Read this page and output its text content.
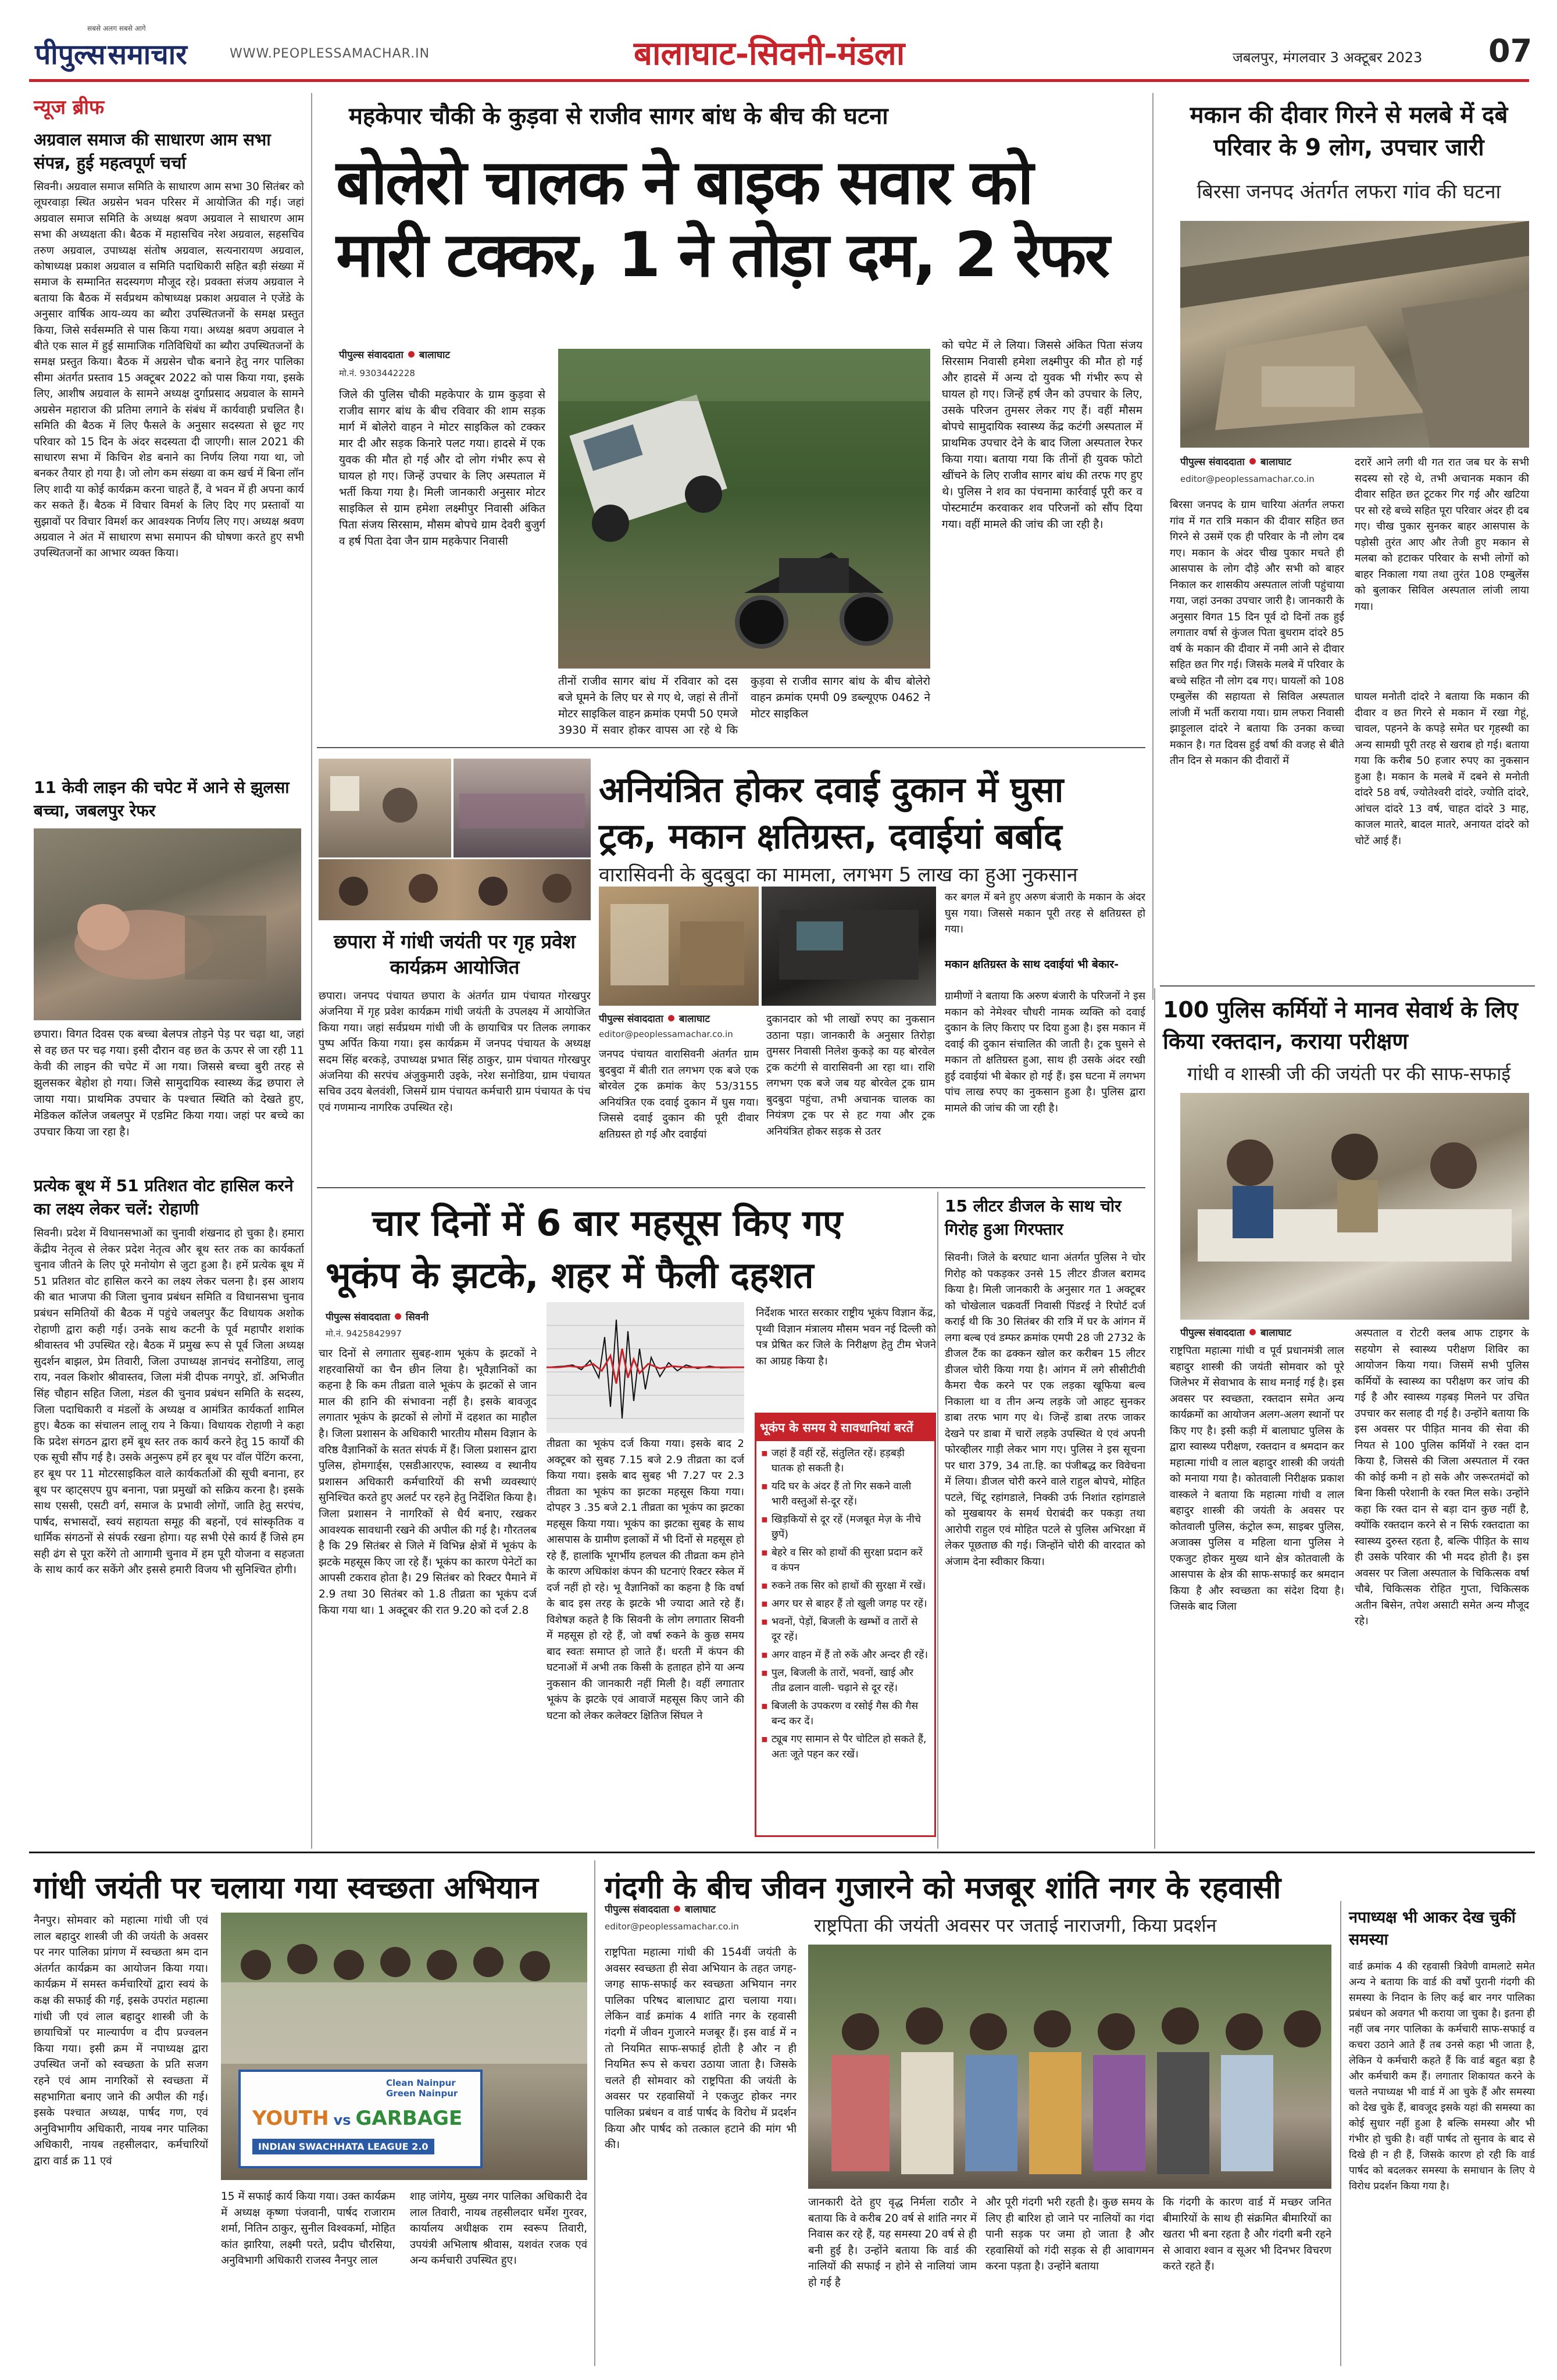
पीपुल्स समाचार
सबसे अलग सबसे आगे
WWW.PEOPLESSAMACHAR.IN	बालाघाट-सिवनी-मंडला	जबलपुर, मंगलवार 3 अक्टूबर 2023 07
न्यूज ब्रीफ
अग्रवाल समाज की साधारण आम सभा संपन्न, हुई महत्वपूर्ण चर्चा
सिवनी। अग्रवाल समाज समिति के साधारण आम सभा 30 सितंबर को लूघरवाड़ा स्थित अग्रसेन भवन परिसर में आयोजित की गई। जहां अग्रवाल समाज समिति के अध्यक्ष श्रवण अग्रवाल ने साधारण आम सभा की अध्यक्षता की। बैठक में महासचिव नरेश अग्रवाल, सहसचिव तरुण अग्रवाल, उपाध्यक्ष संतोष अग्रवाल, सत्यनारायण अग्रवाल, कोषाध्यक्ष प्रकाश अग्रवाल व समिति पदाधिकारी सहित बड़ी संख्या में समाज के सम्मानित सदस्यगण मौजूद रहे। प्रवक्ता संजय अग्रवाल ने बताया कि बैठक में सर्वप्रथम कोषाध्यक्ष प्रकाश अग्रवाल ने एजेंडे के अनुसार वार्षिक आय-व्यय का ब्यौरा उपस्थितजनों के समक्ष प्रस्तुत किया, जिसे सर्वसम्मति से पास किया गया। अध्यक्ष श्रवण अग्रवाल ने बीते एक साल में हुई सामाजिक गतिविधियों का ब्यौरा उपस्थितजनों के समक्ष प्रस्तुत किया। बैठक में अग्रसेन चौक बनाने हेतु नगर पालिका सीमा अंतर्गत प्रस्ताव 15 अक्टूबर 2022 को पास किया गया, इसके लिए, आशीष अग्रवाल के सामने अध्यक्ष दुर्गाप्रसाद अग्रवाल के सामने अग्रसेन महाराज की प्रतिमा लगाने के संबंध में कार्यवाही प्रचलित है। समिति की बैठक में लिए फैसले के अनुसार सदस्यता से छूट गए परिवार को 15 दिन के अंदर सदस्यता दी जाएगी। साल 2021 की साधारण सभा में किचिन शेड बनाने का निर्णय लिया गया था, जो बनकर तैयार हो गया है। जो लोग कम संख्या वा कम खर्च में बिना लॉन लिए शादी या कोई कार्यक्रम करना चाहते हैं, वे भवन में ही अपना कार्य कर सकते हैं। बैठक में विचार विमर्श के लिए दिए गए प्रस्तावों या सुझावों पर विचार विमर्श कर आवश्यक निर्णय लिए गए। अध्यक्ष श्रवण अग्रवाल ने अंत में साधारण सभा समापन की घोषणा करते हुए सभी उपस्थितजनों का आभार व्यक्त किया।
11 केवी लाइन की चपेट में आने से झुलसा बच्चा, जबलपुर रेफर
छपारा। विगत दिवस एक बच्चा बेलपत्र तोड़ने पेड़ पर चढ़ा था, जहां से वह छत पर चढ़ गया। इसी दौरान वह छत के ऊपर से जा रही 11 केवी की लाइन की चपेट में आ गया। जिससे बच्चा बुरी तरह से झुलसकर बेहोश हो गया। जिसे सामुदायिक स्वास्थ्य केंद्र छपारा ले जाया गया। प्राथमिक उपचार के पश्चात स्थिति को देखते हुए, मेडिकल कॉलेज जबलपुर में एडमिट किया गया। जहां पर बच्चे का उपचार किया जा रहा है।
प्रत्येक बूथ में 51 प्रतिशत वोट हासिल करने का लक्ष्य लेकर चलें: रोहाणी
सिवनी। प्रदेश में विधानसभाओं का चुनावी शंखनाद हो चुका है। हमारा केंद्रीय नेतृत्व से लेकर प्रदेश नेतृत्व और बूथ स्तर तक का कार्यकर्ता चुनाव जीतने के लिए पूरे मनोयोग से जुटा हुआ है। हमें प्रत्येक बूथ में 51 प्रतिशत वोट हासिल करने का लक्ष्य लेकर चलना है। इस आशय की बात भाजपा की जिला चुनाव प्रबंधन समिति व विधानसभा चुनाव प्रबंधन समितियों की बैठक में पहुंचे जबलपुर कैंट विधायक अशोक रोहाणी द्वारा कही गई। उनके साथ कटनी के पूर्व महापौर शशांक श्रीवास्तव भी उपस्थित रहे। बैठक में प्रमुख रूप से पूर्व जिला अध्यक्ष सुदर्शन बाझल, प्रेम तिवारी, जिला उपाध्यक्ष ज्ञानचंद सनोडिया, लालू राय, नवल किशोर श्रीवास्तव, जिला मंत्री दीपक नगपुरे, डॉ. अभिजीत सिंह चौहान सहित जिला, मंडल की चुनाव प्रबंधन समिति के सदस्य, जिला पदाधिकारी व मंडलों के अध्यक्ष व आमंत्रित कार्यकर्ता शामिल हुए। बैठक का संचालन लालू राय ने किया। विधायक रोहाणी ने कहा कि प्रदेश संगठन द्वारा हमें बूथ स्तर तक कार्य करने हेतु 15 कार्यों की एक सूची सौंप गई है। उसके अनुरूप हमें हर बूथ पर वॉल पेंटिंग करना, हर बूथ पर 11 मोटरसाइकिल वाले कार्यकर्ताओं की सूची बनाना, हर बूथ पर व्हाट्सएप ग्रुप बनाना, पन्ना प्रमुखों को सक्रिय करना है। इसके साथ एससी, एसटी वर्ग, समाज के प्रभावी लोगों, जाति हेतु सरपंच, पार्षद, सभासदों, स्वयं सहायता समूह की बहनों, एवं सांस्कृतिक व धार्मिक संगठनों से संपर्क रखना होगा। यह सभी ऐसे कार्य हैं जिसे हम सही ढंग से पूरा करेंगे तो आगामी चुनाव में हम पूरी योजना व सहजता के साथ कार्य कर सकेंगे और इससे हमारी विजय भी सुनिश्चित होगी।
महकेपार चौकी के कुड़वा से राजीव सागर बांध के बीच की घटना
बोलेरो चालक ने बाइक सवार को
मारी टक्कर, 1 ने तोड़ा दम, 2 रेफर
पीपुल्स संवाददाता बालाघाट
मो.नं. 9303442228
जिले की पुलिस चौकी महकेपार के ग्राम कुड़वा से राजीव सागर बांध के बीच रविवार की शाम सड़क मार्ग में बोलेरो वाहन ने मोटर साइकिल को टक्कर मार दी और सड़क किनारे पलट गया। हादसे में एक युवक की मौत हो गई और दो लोग गंभीर रूप से घायल हो गए। जिन्हें उपचार के लिए अस्पताल में भर्ती किया गया है। मिली जानकारी अनुसार मोटर साइकिल से ग्राम हमेशा लक्ष्मीपुर निवासी अंकित पिता संजय सिरसाम, मौसम बोपचे ग्राम देवरी बुजुर्ग व हर्ष पिता देवा जैन ग्राम महकेपार निवासी
तीनों राजीव सागर बांध में रविवार को दस बजे घूमने के लिए घर से गए थे, जहां से तीनों मोटर साइकिल वाहन क्रमांक एमपी 50 एमजे 3930 में सवार होकर वापस आ रहे थे कि कुड़वा से राजीव सागर बांध के बीच बोलेरो वाहन क्रमांक एमपी 09 डब्ल्यूएफ 0462 ने मोटर साइकिल
को चपेट में ले लिया। जिससे अंकित पिता संजय सिरसाम निवासी हमेशा लक्ष्मीपुर की मौत हो गई और हादसे में अन्य दो युवक भी गंभीर रूप से घायल हो गए। जिन्हें हर्ष जैन को उपचार के लिए, उसके परिजन तुमसर लेकर गए हैं। वहीं मौसम बोपचे सामुदायिक स्वास्थ्य केंद्र कटंगी अस्पताल में प्राथमिक उपचार देने के बाद जिला अस्पताल रेफर किया गया। बताया गया कि तीनों ही युवक फोटो खींचने के लिए राजीव सागर बांध की तरफ गए हुए थे। पुलिस ने शव का पंचनामा कार्रवाई पूरी कर व पोस्टमार्टम करवाकर शव परिजनों को सौंप दिया गया। वहीं मामले की जांच की जा रही है।
मकान की दीवार गिरने से मलबे में दबे परिवार के 9 लोग, उपचार जारी
बिरसा जनपद अंतर्गत लफरा गांव की घटना
पीपुल्स संवाददाता बालाघाट
editor@peoplessamachar.co.in
बिरसा जनपद के ग्राम चारिया अंतर्गत लफरा गांव में गत रात्रि मकान की दीवार सहित छत गिरने से उसमें एक ही परिवार के नौ लोग दब गए। मकान के अंदर चीख पुकार मचते ही आसपास के लोग दौड़े और सभी को बाहर निकाल कर शासकीय अस्पताल लांजी पहुंचाया गया, जहां उनका उपचार जारी है। जानकारी के अनुसार विगत 15 दिन पूर्व दो दिनों तक हुई लगातार वर्षा से कुंजल पिता बुधराम दांदरे 85 वर्ष के मकान की दीवार में नमी आने से दीवार सहित छत गिर गई। जिसके मलबे में परिवार के बच्चे सहित नौ लोग दब गए। घायलों को 108 एम्बुलेंस की सहायता से सिविल अस्पताल लांजी में भर्ती कराया गया। ग्राम लफरा निवासी झाड़ूलाल दांदरे ने बताया कि उनका कच्चा मकान है। गत दिवस हुई वर्षा की वजह से बीते तीन दिन से मकान की दीवारों में
दरारें आने लगी थी गत रात जब घर के सभी सदस्य सो रहे थे, तभी अचानक मकान की दीवार सहित छत टूटकर गिर गई और खटिया पर सो रहे बच्चे सहित पूरा परिवार अंदर ही दब गए। चीख पुकार सुनकर बाहर आसपास के पड़ोसी तुरंत आए और तेजी हुए मकान से मलबा को हटाकर परिवार के सभी लोगों को बाहर निकाला गया तथा तुरंत 108 एम्बुलेंस को बुलाकर सिविल अस्पताल लांजी लाया गया।
घायल मनोती दांदरे ने बताया कि मकान की दीवार व छत गिरने से मकान में रखा गेहूं, चावल, पहनने के कपड़े समेत घर गृहस्थी का अन्य सामग्री पूरी तरह से खराब हो गई। बताया गया कि करीब 50 हजार रुपए का नुकसान हुआ है। मकान के मलबे में दबने से मनोती दांदरे 58 वर्ष, ज्योतेश्वरी दांदरे, ज्योति दांदरे, आंचल दांदरे 13 वर्ष, चाहत दांदरे 3 माह, काजल मातरे, बादल मातरे, अनायत दांदरे को चोटें आई हैं।
छपारा में गांधी जयंती पर गृह प्रवेश कार्यक्रम आयोजित
छपारा। जनपद पंचायत छपारा के अंतर्गत ग्राम पंचायत गोरखपुर अंजनिया में गृह प्रवेश कार्यक्रम गांधी जयंती के उपलक्ष्य में आयोजित किया गया। जहां सर्वप्रथम गांधी जी के छायाचित्र पर तिलक लगाकर पुष्प अर्पित किया गया। इस कार्यक्रम में जनपद पंचायत के अध्यक्ष सदम सिंह बरकड़े, उपाध्यक्ष प्रभात सिंह ठाकुर, ग्राम पंचायत गोरखपुर अंजनिया की सरपंच अंजुकुमारी उइके, नरेश सनोडिया, ग्राम पंचायत सचिव उदय बेलवंशी, जिसमें ग्राम पंचायत कर्मचारी ग्राम पंचायत के पंच एवं गणमान्य नागरिक उपस्थित रहे।
अनियंत्रित होकर दवाई दुकान में घुसा
ट्रक, मकान क्षतिग्रस्त, दवाईयां बर्बाद
वारासिवनी के बुदबुदा का मामला, लगभग 5 लाख का हुआ नुकसान
पीपुल्स संवाददाता बालाघाट
editor@peoplessamachar.co.in
जनपद पंचायत वारासिवनी अंतर्गत ग्राम बुदबुदा में बीती रात लगभग एक बजे एक बोरवेल ट्रक क्रमांक केए 53/3155 अनियंत्रित एक दवाई दुकान में घुस गया। जिससे दवाई दुकान की पूरी दीवार क्षतिग्रस्त हो गई और दवाईयां
दुकानदार को भी लाखों रुपए का नुकसान उठाना पड़ा। जानकारी के अनुसार तिरोड़ा तुमसर निवासी निलेश कुकड़े का यह बोरवेल ट्रक कटंगी से वारासिवनी आ रहा था। राशि लगभग एक बजे जब यह बोरवेल ट्रक ग्राम बुदबुदा पहुंचा, तभी अचानक चालक का नियंत्रण ट्रक पर से हट गया और ट्रक अनियंत्रित होकर सड़क से उतर
कर बगल में बने हुए अरुण बंजारी के मकान के अंदर घुस गया। जिससे मकान पूरी तरह से क्षतिग्रस्त हो गया।
मकान क्षतिग्रस्त के साथ दवाईयां भी बेकार-
ग्रामीणों ने बताया कि अरुण बंजारी के परिजनों ने इस मकान को नेमेश्वर चौधरी नामक व्यक्ति को दवाई दुकान के लिए किराए पर दिया हुआ है। इस मकान में दवाई की दुकान संचालित की जाती है। ट्रक घुसने से मकान तो क्षतिग्रस्त हुआ, साथ ही उसके अंदर रखी हुई दवाईयां भी बेकार हो गई हैं। इस घटना में लगभग पांच लाख रुपए का नुकसान हुआ है। पुलिस द्वारा मामले की जांच की जा रही है।
100 पुलिस कर्मियों ने मानव सेवार्थ के लिए किया रक्तदान, कराया परीक्षण
गांधी व शास्त्री जी की जयंती पर की साफ-सफाई
पीपुल्स संवाददाता बालाघाट
राष्ट्रपिता महात्मा गांधी व पूर्व प्रधानमंत्री लाल बहादुर शास्त्री की जयंती सोमवार को पूरे जिलेभर में सेवाभाव के साथ मनाई गई है। इस अवसर पर स्वच्छता, रक्तदान समेत अन्य कार्यक्रमों का आयोजन अलग-अलग स्थानों पर किए गए है। इसी कड़ी में बालाघाट पुलिस के द्वारा स्वास्थ्य परीक्षण, रक्तदान व श्रमदान कर महात्मा गांधी व लाल बहादुर शास्त्री की जयंती को मनाया गया है। कोतवाली निरीक्षक प्रकाश वास्कले ने बताया कि महात्मा गांधी व लाल बहादुर शास्त्री की जयंती के अवसर पर कोतवाली पुलिस, कंट्रोल रूम, साइबर पुलिस, अजाक्स पुलिस व महिला थाना पुलिस ने एकजुट होकर मुख्य थाने क्षेत्र कोतवाली के आसपास के क्षेत्र की साफ-सफाई कर श्रमदान किया है और स्वच्छता का संदेश दिया है। जिसके बाद जिला
अस्पताल व रोटरी क्लब आफ टाइगर के सहयोग से स्वास्थ्य परीक्षण शिविर का आयोजन किया गया। जिसमें सभी पुलिस कर्मियों के स्वास्थ्य का परीक्षण कर जांच की गई है और स्वास्थ्य गड़बड़ मिलने पर उचित उपचार कर सलाह दी गई है। उन्होंने बताया कि इस अवसर पर पीड़ित मानव की सेवा की नियत से 100 पुलिस कर्मियों ने रक्त दान किया है, जिससे की जिला अस्पताल में रक्त की कोई कमी न हो सके और जरूरतमंदों को बिना किसी परेशानी के रक्त मिल सके। उन्होंने कहा कि रक्त दान से बड़ा दान कुछ नहीं है, क्योंकि रक्तदान करने से न सिर्फ रक्तदाता का स्वास्थ्य दुरुस्त रहता है, बल्कि पीड़ित के साथ ही उसके परिवार की भी मदद होती है। इस अवसर पर जिला अस्पताल के चिकित्सक वर्षा चौबे, चिकित्सक रोहित गुप्ता, चिकित्सक अतीन बिसेन, तपेश असाटी समेत अन्य मौजूद रहे।
15 लीटर डीजल के साथ चोर गिरोह हुआ गिरफ्तार
सिवनी। जिले के बरघाट थाना अंतर्गत पुलिस ने चोर गिरोह को पकड़कर उनसे 15 लीटर डीजल बरामद किया है। मिली जानकारी के अनुसार गत 1 अक्टूबर को चोखेलाल चक्रवर्ती निवासी पिंडरई ने रिपोर्ट दर्ज कराई थी कि 30 सितंबर की रात्रि में घर के आंगन में लगा बल्ब एवं डम्फर क्रमांक एमपी 28 जी 2732 के डीजल टैंक का ढक्कन खोल कर करीबन 15 लीटर डीजल चोरी किया गया है। आंगन में लगे सीसीटीवी कैमरा चैक करने पर एक लड़का खूफिया बल्व निकाला था व तीन अन्य लड़के जो आहट सुनकर डाबा तरफ भाग गए थे। जिन्हें डाबा तरफ जाकर देखने पर डाबा में चारों लड़के उपस्थित थे एवं अपनी फोरव्हीलर गाड़ी लेकर भाग गए। पुलिस ने इस सूचना पर धारा 379, 34 ता.हि. का पंजीबद्ध कर विवेचना में लिया। डीजल चोरी करने वाले राहुल बोपचे, मोहित पटले, चिंटू रहांगडाले, निक्की उर्फ निशांत रहांगडाले को मुखबायर के समर्थ घेराबंदी कर पकड़ा तथा आरोपी राहुल एवं मोहित पटले से पुलिस अभिरक्षा में लेकर पूछताछ की गई। जिन्होंने चोरी की वारदात को अंजाम देना स्वीकार किया।
चार दिनों में 6 बार महसूस किए गए
भूकंप के झटके, शहर में फैली दहशत
पीपुल्स संवाददाता सिवनी
मो.नं. 9425842997
चार दिनों से लगातार सुबह-शाम भूकंप के झटकों ने शहरवासियों का चैन छीन लिया है। भूवैज्ञानिकों का कहना है कि कम तीव्रता वाले भूकंप के झटकों से जान माल की हानि की संभावना नहीं है। इसके बावजूद लगातार भूकंप के झटकों से लोगों में दहशत का माहौल है। जिला प्रशासन के अधिकारी भारतीय मौसम विज्ञान के वरिष्ठ वैज्ञानिकों के सतत संपर्क में हैं। जिला प्रशासन द्वारा पुलिस, होमगार्ड्स, एसडीआरएफ, स्वास्थ्य व स्थानीय प्रशासन अधिकारी कर्मचारियों की सभी व्यवस्थाएं सुनिश्चित करते हुए अलर्ट पर रहने हेतु निर्देशित किया है। जिला प्रशासन ने नागरिकों से धैर्य बनाए, रखकर आवश्यक सावधानी रखने की अपील की गई है। गौरतलब है कि 29 सितंबर से जिले में विभिन्न क्षेत्रों में भूकंप के झटके महसूस किए जा रहे हैं। भूकंप का कारण पेनेटों का आपसी टकराव होता है। 29 सितंबर को रिक्टर पैमाने में 2.9 तथा 30 सितंबर को 1.8 तीव्रता का भूकंप दर्ज किया गया था। 1 अक्टूबर की रात 9.20 को दर्ज 2.8
तीव्रता का भूकंप दर्ज किया गया। इसके बाद 2 अक्टूबर को सुबह 7.15 बजे 2.9 तीव्रता का दर्ज किया गया। इसके बाद सुबह भी 7.27 पर 2.3 तीव्रता का भूकंप का झटका महसूस किया गया। दोपहर 3 .35 बजे 2.1 तीव्रता का भूकंप का झटका महसूस किया गया। भूकंप का झटका सुबह के साथ आसपास के ग्रामीण इलाकों में भी दिनों से महसूस हो रहे हैं, हालांकि भूगर्भीय हलचल की तीव्रता कम होने के कारण अधिकांश कंपन की घटनाएं रिक्टर स्केल में दर्ज नहीं हो रहे। भू वैज्ञानिकों का कहना है कि वर्षा के बाद इस तरह के झटके भी ज्यादा आते रहे हैं। विशेषज्ञ कहते है कि सिवनी के लोग लगातार सिवनी में महसूस हो रहे हैं, जो वर्षा रुकने के कुछ समय बाद स्वतः समाप्त हो जाते हैं। धरती में कंपन की घटनाओं में अभी तक किसी के हताहत होने या अन्य नुकसान की जानकारी नहीं मिली है। वहीं लगातार भूकंप के झटके एवं आवाजें महसूस किए जाने की घटना को लेकर कलेक्टर क्षितिज सिंघल ने
निर्देशक भारत सरकार राष्ट्रीय भूकंप विज्ञान केंद्र, पृथ्वी विज्ञान मंत्रालय मौसम भवन नई दिल्ली को पत्र प्रेषित कर जिले के निरीक्षण हेतु टीम भेजने का आग्रह किया है।
भूकंप के समय ये सावधानियां बरतें
▪ जहां हैं वहीं रहें, संतुलित रहें। हड़बड़ी घातक हो सकती है।
▪ यदि घर के अंदर हैं तो गिर सकने वाली भारी वस्तुओं से-दूर रहें।
▪ खिड़कियों से दूर रहें (मजबूत मेज़ के नीचे छुपें)
▪ बेहरे व सिर को हाथों की सुरक्षा प्रदान करें व कंपन
▪ रुकने तक सिर को हाथों की सुरक्षा में रखें।
▪ अगर घर से बाहर हैं तो खुली जगह पर रहें।
▪ भवनों, पेड़ों, बिजली के खम्भों व तारों से दूर रहें।
▪ अगर वाहन में हैं तो रुकें और अन्दर ही रहें।
▪ पुल, बिजली के तारों, भवनों, खाई और तीव्र ढलान वाली- चढ़ाने से दूर रहें।
▪ बिजली के उपकरण व रसोई गैस की गैस बन्द कर दें।
▪ ट्यूब गए सामान से पैर चोटिल हो सकते हैं, अतः जूते पहन कर रखें।
गांधी जयंती पर चलाया गया स्वच्छता अभियान
नैनपुर। सोमवार को महात्मा गांधी जी एवं लाल बहादुर शास्त्री जी की जयंती के अवसर पर नगर पालिका प्रांगण में स्वच्छता श्रम दान अंतर्गत कार्यक्रम का आयोजन किया गया। कार्यक्रम में समस्त कर्मचारियों द्वारा स्वयं के कक्ष की सफाई की गई, इसके उपरांत महात्मा गांधी जी एवं लाल बहादुर शास्त्री जी के छायाचित्रों पर माल्यार्पण व दीप प्रज्वलन किया गया। इसी क्रम में नपाध्यक्ष द्वारा उपस्थित जनों को स्वच्छता के प्रति सजग रहने एवं आम नागरिकों से स्वच्छता में सहभागिता बनाए जाने की अपील की गई। इसके पश्चात अध्यक्ष, पार्षद गण, एवं अनुविभागीय अधिकारी, नायब नगर पालिका अधिकारी, नायब तहसीलदार, कर्मचारियों द्वारा वार्ड क्र 11 एवं
Clean Nainpur Green Nainpur
YOUTH vs GARBAGE
INDIAN SWACHHATA LEAGUE 2.0
15 में सफाई कार्य किया गया। उक्त कार्यक्रम में अध्यक्ष कृष्णा पंजवानी, पार्षद राजाराम शर्मा, नितिन ठाकुर, सुनील विश्वकर्मा, मोहित कांत झारिया, लक्ष्मी परते, प्रदीप चौरसिया, अनुविभागी अधिकारी राजस्व नैनपुर लाल
शाह जांगेय, मुख्य नगर पालिका अधिकारी देव लाल तिवारी, नायब तहसीलदार धर्मेश गुरवर, कार्यालय अधीक्षक राम स्वरूप तिवारी, उपयंत्री अभिलाष श्रीवास, यशवंत रजक एवं अन्य कर्मचारी उपस्थित हुए।
गंदगी के बीच जीवन गुजारने को मजबूर शांति नगर के रहवासी
राष्ट्रपिता की जयंती अवसर पर जताई नाराजगी, किया प्रदर्शन
पीपुल्स संवाददाता बालाघाट
editor@peoplessamachar.co.in
राष्ट्रपिता महात्मा गांधी की 154वीं जयंती के अवसर स्वच्छता ही सेवा अभियान के तहत जगह-जगह साफ-सफाई कर स्वच्छता अभियान नगर पालिका परिषद बालाघाट द्वारा चलाया गया। लेकिन वार्ड क्रमांक 4 शांति नगर के रहवासी गंदगी में जीवन गुजारने मजबूर हैं। इस वार्ड में न तो नियमित साफ-सफाई होती है और न ही नियमित रूप से कचरा उठाया जाता है। जिसके चलते ही सोमवार को राष्ट्रपिता की जयंती के अवसर पर रहवासियों ने एकजुट होकर नगर पालिका प्रबंधन व वार्ड पार्षद के विरोध में प्रदर्शन किया और पार्षद को तत्काल हटाने की मांग भी की।
जानकारी देते हुए वृद्ध निर्मला राठौर ने बताया कि वे करीब 20 वर्ष से शांति नगर में निवास कर रहे हैं, यह समस्या 20 वर्ष से ही बनी हुई है। उन्होंने बताया कि वार्ड की नालियों की सफाई न होने से नालियां जाम हो गई है
और पूरी गंदगी भरी रहती है। कुछ समय के लिए ही बारिश हो जाने पर नालियों का गंदा पानी सड़क पर जमा हो जाता है और रहवासियों को गंदी सड़क से ही आवागमन करना पड़ता है। उन्होंने बताया
कि गंदगी के कारण वार्ड में मच्छर जनित बीमारियों के साथ ही संक्रमित बीमारियों का खतरा भी बना रहता है और गंदगी बनी रहने से आवारा श्वान व सूअर भी दिनभर विचरण करते रहते हैं।
नपाध्यक्ष भी आकर देख चुकीं समस्या
वार्ड क्रमांक 4 की रहवासी त्रिवेणी वामलाटे समेत अन्य ने बताया कि वार्ड की वर्षों पुरानी गंदगी की समस्या के निदान के लिए कई बार नगर पालिका प्रबंधन को अवगत भी कराया जा चुका है। इतना ही नहीं जब नगर पालिका के कर्मचारी साफ-सफाई व कचरा उठाने आते हैं तब उनसे कहा भी जाता है, लेकिन ये कर्मचारी कहते हैं कि वार्ड बहुत बड़ा है और कर्मचारी कम हैं। लगातार शिकायत करने के चलते नपाध्यक्ष भी वार्ड में आ चुके हैं और समस्या को देख चुके हैं, बावजूद इसके यहां की समस्या का कोई सुधार नहीं हुआ है बल्कि समस्या और भी गंभीर हो चुकी है। वहीं पार्षद तो सुनाव के बाद से दिखे ही न ही हैं, जिसके कारण हो रही कि वार्ड पार्षद को बदलकर समस्या के समाधान के लिए ये विरोध प्रदर्शन किया गया है।
